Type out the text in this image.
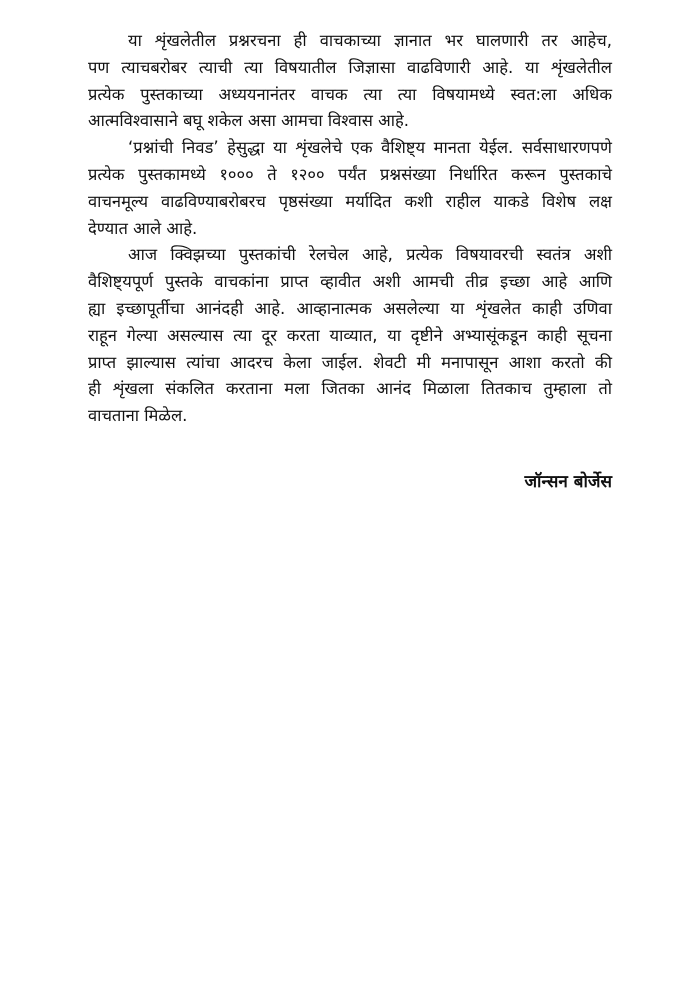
या शृंखलेतील प्रश्नरचना ही वाचकाच्या ज्ञानात भर घालणारी तर आहेच,
पण त्याचबरोबर त्याची त्या विषयातील जिज्ञासा वाढविणारी आहे. या शृंखलेतील
प्रत्येक पुस्तकाच्या अध्ययनानंतर वाचक त्या त्या विषयामध्ये स्वत:ला अधिक
आत्मविश्वासाने बघू शकेल असा आमचा विश्वास आहे.
‘प्रश्नांची निवड’ हेसुद्धा या शृंखलेचे एक वैशिष्ट्य मानता येईल. सर्वसाधारणपणे
प्रत्येक पुस्तकामध्ये १००० ते १२०० पर्यंत प्रश्नसंख्या निर्धारित करून पुस्तकाचे
वाचनमूल्य वाढविण्याबरोबरच पृष्ठसंख्या मर्यादित कशी राहील याकडे विशेष लक्ष
देण्यात आले आहे.
आज क्विझच्या पुस्तकांची रेलचेल आहे, प्रत्येक विषयावरची स्वतंत्र अशी
वैशिष्ट्यपूर्ण पुस्तके वाचकांना प्राप्त व्हावीत अशी आमची तीव्र इच्छा आहे आणि
ह्या इच्छापूर्तीचा आनंदही आहे. आव्हानात्मक असलेल्या या शृंखलेत काही उणिवा
राहून गेल्या असल्यास त्या दूर करता याव्यात, या दृष्टीने अभ्यासूंकडून काही सूचना
प्राप्त झाल्यास त्यांचा आदरच केला जाईल. शेवटी मी मनापासून आशा करतो की
ही शृंखला संकलित करताना मला जितका आनंद मिळाला तितकाच तुम्हाला तो
वाचताना मिळेल.
जॉन्सन बोर्जेस
